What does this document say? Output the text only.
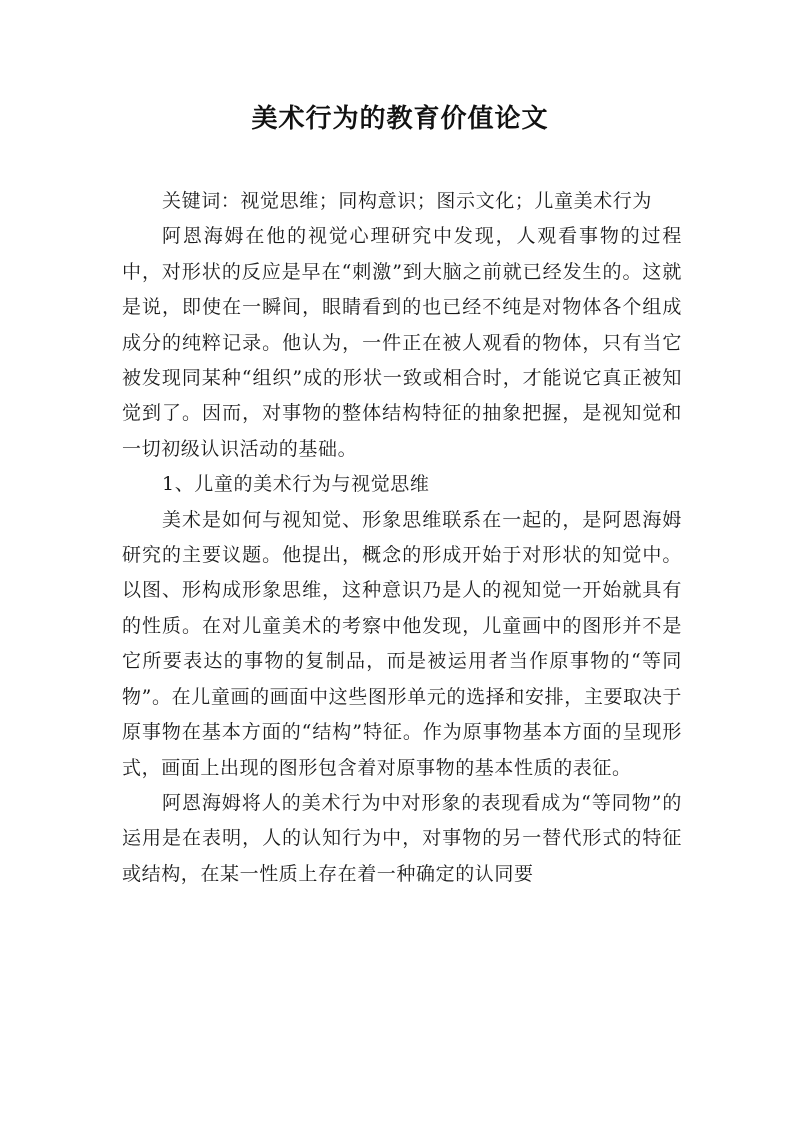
美术行为的教育价值论文

关键词：视觉思维；同构意识；图示文化；儿童美术行为

阿恩海姆在他的视觉心理研究中发现，人观看事物的过程中，对形状的反应是早在“刺激”到大脑之前就已经发生的。这就是说，即使在一瞬间，眼睛看到的也已经不纯是对物体各个组成成分的纯粹记录。他认为，一件正在被人观看的物体，只有当它被发现同某种“组织”成的形状一致或相合时，才能说它真正被知觉到了。因而，对事物的整体结构特征的抽象把握，是视知觉和一切初级认识活动的基础。

1、儿童的美术行为与视觉思维

美术是如何与视知觉、形象思维联系在一起的，是阿恩海姆研究的主要议题。他提出，概念的形成开始于对形状的知觉中。以图、形构成形象思维，这种意识乃是人的视知觉一开始就具有的性质。在对儿童美术的考察中他发现，儿童画中的图形并不是它所要表达的事物的复制品，而是被运用者当作原事物的“等同物”。在儿童画的画面中这些图形单元的选择和安排，主要取决于原事物在基本方面的“结构”特征。作为原事物基本方面的呈现形式，画面上出现的图形包含着对原事物的基本性质的表征。

阿恩海姆将人的美术行为中对形象的表现看成为“等同物”的运用是在表明，人的认知行为中，对事物的另一替代形式的特征或结构，在某一性质上存在着一种确定的认同要
